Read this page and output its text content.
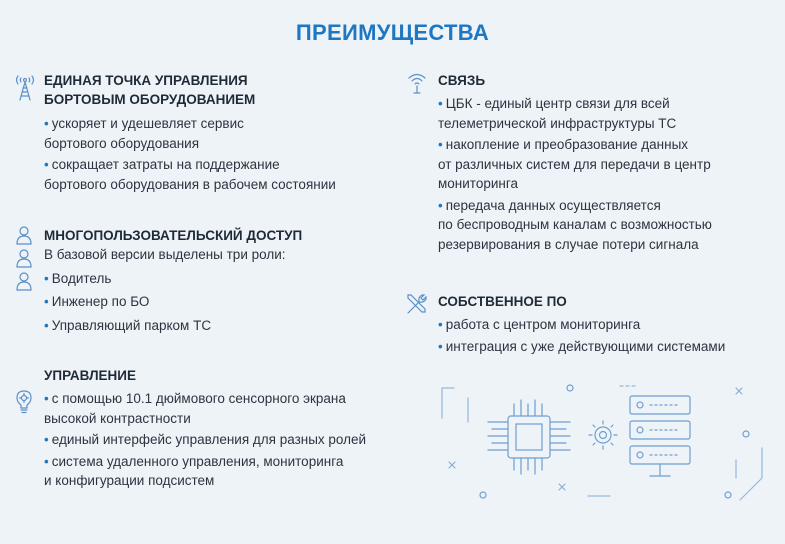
ПРЕИМУЩЕСТВА
ЕДИНАЯ ТОЧКА УПРАВЛЕНИЯ
БОРТОВЫМ ОБОРУДОВАНИЕМ
• ускоряет и удешевляет сервис
бортового оборудования
• сокращает затраты на поддержание
бортового оборудования в рабочем состоянии
МНОГОПОЛЬЗОВАТЕЛЬСКИЙ ДОСТУП
В базовой версии выделены три роли:
• Водитель
• Инженер по БО
• Управляющий парком ТС
УПРАВЛЕНИЕ
• с помощью 10.1 дюймового сенсорного экрана
высокой контрастности
• единый интерфейс управления для разных ролей
• система удаленного управления, мониторинга
и конфигурации подсистем
СВЯЗЬ
• ЦБК - единый центр связи для всей
телеметрической инфраструктуры ТС
• накопление и преобразование данных
от различных систем для передачи в центр
мониторинга
• передача данных осуществляется
по беспроводным каналам с возможностью
резервирования в случае потери сигнала
СОБСТВЕННОЕ ПО
• работа с центром мониторинга
• интеграция с уже действующими системами
